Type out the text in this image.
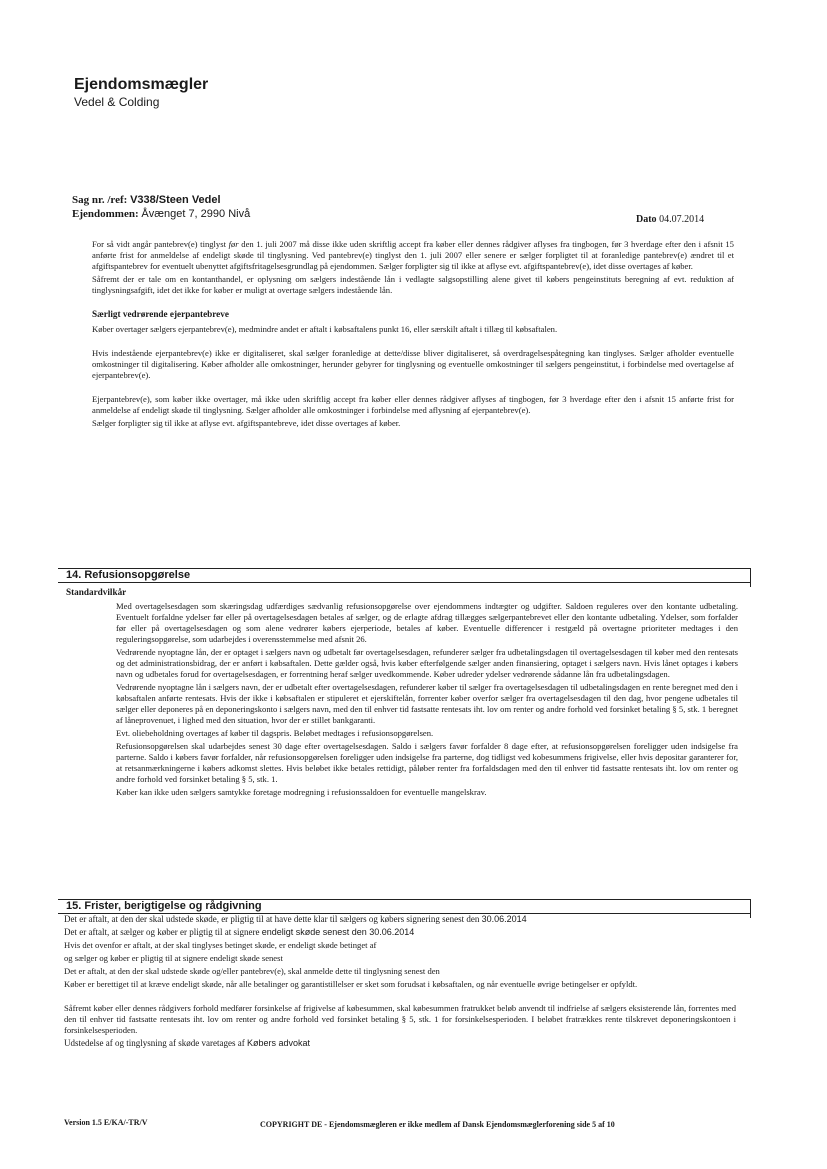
Ejendomsmægler
Vedel & Colding
Sag nr. /ref: V338/Steen Vedel
Ejendommen: Åvænget 7, 2990 Nivå	Dato 04.07.2014

For så vidt angår pantebrev(e) tinglyst før den 1. juli 2007 må disse ikke uden skriftlig accept fra køber eller dennes rådgiver aflyses fra tingbogen, før 3 hverdage efter den i afsnit 15 anførte frist for anmeldelse af endeligt skøde til tinglysning. Ved pantebrev(e) tinglyst den 1. juli 2007 eller senere er sælger forpligtet til at foranledige pantebrev(e) ændret til et afgiftspantebrev for eventuelt ubenyttet afgiftsfritagelsesgrundlag på ejendommen. Sælger forpligter sig til ikke at aflyse evt. afgiftspantebrev(e), idet disse overtages af køber.

Såfremt der er tale om en kontanthandel, er oplysning om sælgers indestående lån i vedlagte salgsopstilling alene givet til købers pengeinstituts beregning af evt. reduktion af tinglysningsafgift, idet det ikke for køber er muligt at overtage sælgers indestående lån.

Særligt vedrørende ejerpantebreve

Køber overtager sælgers ejerpantebrev(e), medmindre andet er aftalt i købsaftalens punkt 16, eller særskilt aftalt i tillæg til købsaftalen.

Hvis indestående ejerpantebrev(e) ikke er digitaliseret, skal sælger foranledige at dette/disse bliver digitaliseret, så overdragelsespåtegning kan tinglyses. Sælger afholder eventuelle omkostninger til digitalisering. Køber afholder alle omkostninger, herunder gebyrer for tinglysning og eventuelle omkostninger til sælgers pengeinstitut, i forbindelse med overtagelse af ejerpantebrev(e).

Ejerpantebrev(e), som køber ikke overtager, må ikke uden skriftlig accept fra køber eller dennes rådgiver aflyses af tingbogen, før 3 hverdage efter den i afsnit 15 anførte frist for anmeldelse af endeligt skøde til tinglysning. Sælger afholder alle omkostninger i forbindelse med aflysning af ejerpantebrev(e).

Sælger forpligter sig til ikke at aflyse evt. afgiftspantebreve, idet disse overtages af køber.

14. Refusionsopgørelse
Standardvilkår

Med overtagelsesdagen som skæringsdag udfærdiges sædvanlig refusionsopgørelse over ejendommens indtægter og udgifter. Saldoen reguleres over den kontante udbetaling. Eventuelt forfaldne ydelser før eller på overtagelsesdagen betales af sælger, og de erlagte afdrag tillægges sælgerpantebrevet eller den kontante udbetaling. Ydelser, som forfalder før eller på overtagelsesdagen og som alene vedrører købers ejerperiode, betales af køber. Eventuelle differencer i restgæld på overtagne prioriteter medtages i den reguleringsopgørelse, som udarbejdes i overensstemmelse med afsnit 26.

Vedrørende nyoptagne lån, der er optaget i sælgers navn og udbetalt før overtagelsesdagen, refunderer sælger fra udbetalingsdagen til overtagelsesdagen til køber med den rentesats og det administrationsbidrag, der er anført i købsaftalen. Dette gælder også, hvis køber efterfølgende sælger anden finansiering, optaget i sælgers navn. Hvis lånet optages i købers navn og udbetales forud for overtagelsesdagen, er forrentning heraf sælger uvedkommende. Køber udreder ydelser vedrørende sådanne lån fra udbetalingsdagen.

Vedrørende nyoptagne lån i sælgers navn, der er udbetalt efter overtagelsesdagen, refunderer køber til sælger fra overtagelsesdagen til udbetalingsdagen en rente beregnet med den i købsaftalen anførte rentesats. Hvis der ikke i købsaftalen er stipuleret et ejerskiftelån, forrenter køber overfor sælger fra overtagelsesdagen til den dag, hvor pengene udbetales til sælger eller deponeres på en deponeringskonto i sælgers navn, med den til enhver tid fastsatte rentesats iht. lov om renter og andre forhold ved forsinket betaling § 5, stk. 1 beregnet af låneprovenuet, i lighed med den situation, hvor der er stillet bankgaranti.

Evt. oliebeholdning overtages af køber til dagspris. Beløbet medtages i refusionsopgørelsen.

Refusionsopgørelsen skal udarbejdes senest 30 dage efter overtagelsesdagen. Saldo i sælgers favør forfalder 8 dage efter, at refusionsopgørelsen foreligger uden indsigelse fra parterne. Saldo i købers favør forfalder, når refusionsopgørelsen foreligger uden indsigelse fra parterne, dog tidligst ved kobesummens frigivelse, eller hvis depositar garanterer for, at retsanmærkningerne i købers adkomst slettes. Hvis beløbet ikke betales rettidigt, påløber renter fra forfaldsdagen med den til enhver tid fastsatte rentesats iht. lov om renter og andre forhold ved forsinket betaling § 5, stk. 1.

Køber kan ikke uden sælgers samtykke foretage modregning i refusionssaldoen for eventuelle mangelskrav.

15. Frister, berigtigelse og rådgivning

Det er aftalt, at den der skal udstede skøde, er pligtig til at have dette klar til sælgers og købers signering senest den 30.06.2014

Det er aftalt, at sælger og køber er pligtig til at signere endeligt skøde senest den 30.06.2014

Hvis det ovenfor er aftalt, at der skal tinglyses betinget skøde, er endeligt skøde betinget af

og sælger og køber er pligtig til at signere endeligt skøde senest

Det er aftalt, at den der skal udstede skøde og/eller pantebrev(e), skal anmelde dette til tinglysning senest den

Køber er berettiget til at kræve endeligt skøde, når alle betalinger og garantistillelser er sket som forudsat i købsaftalen, og når eventuelle øvrige betingelser er opfyldt.

Såfremt køber eller dennes rådgivers forhold medfører forsinkelse af frigivelse af købesummen, skal købesummen fratrukket beløb anvendt til indfrielse af sælgers eksisterende lån, forrentes med den til enhver tid fastsatte rentesats iht. lov om renter og andre forhold ved forsinket betaling § 5, stk. 1 for forsinkelsesperioden. I beløbet fratrækkes rente tilskrevet deponeringskontoen i forsinkelsesperioden.

Udstedelse af og tinglysning af skøde varetages af Købers advokat

Version 1.5 E/KA/-TR/V	COPYRIGHT DE - Ejendomsmægleren er ikke medlem af Dansk Ejendomsmæglerforening side 5 af 10
